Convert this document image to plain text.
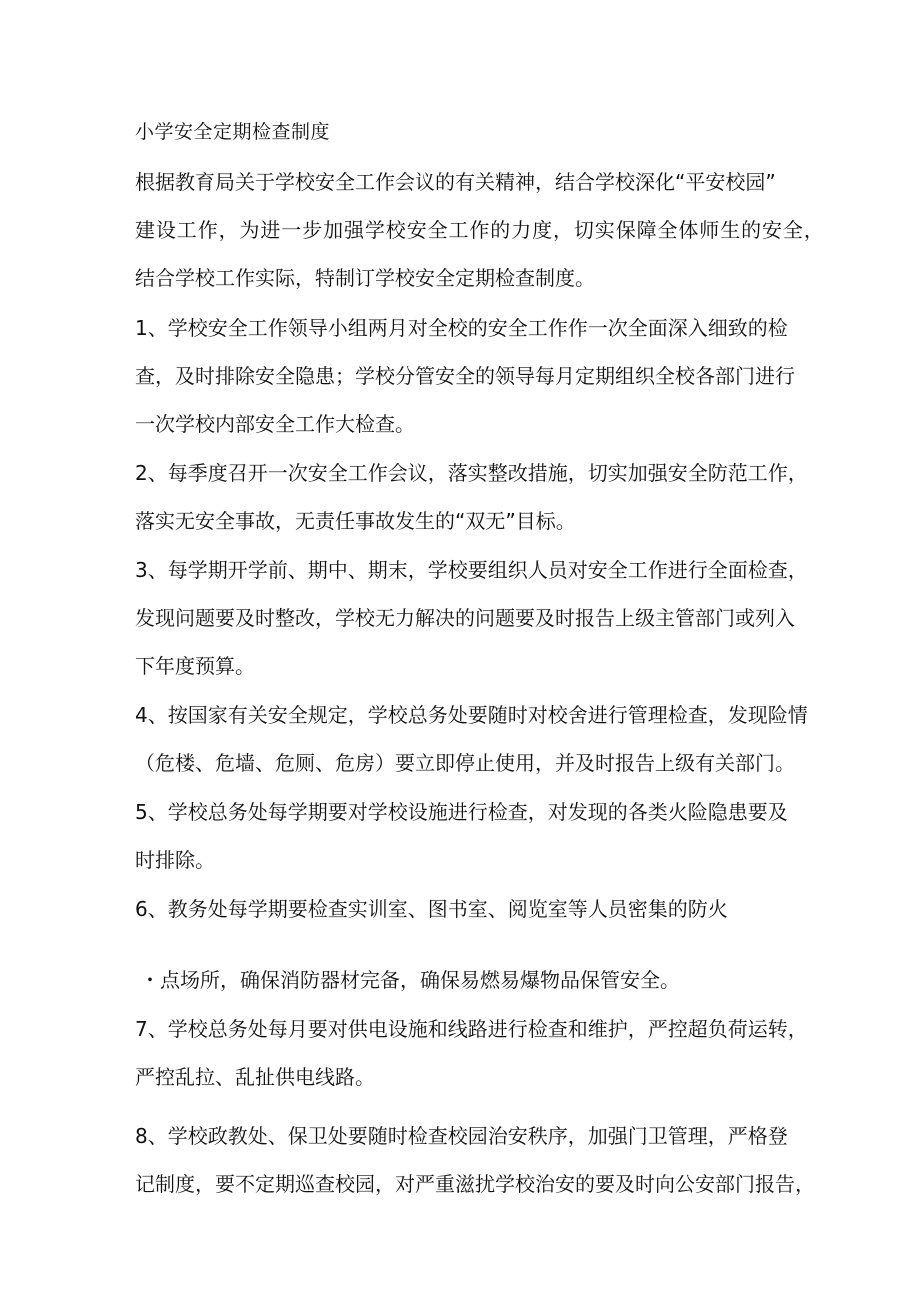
小学安全定期检查制度
根据教育局关于学校安全工作会议的有关精神，结合学校深化“平安校园”
建设工作，为进一步加强学校安全工作的力度，切实保障全体师生的安全，
结合学校工作实际，特制订学校安全定期检查制度。
1、学校安全工作领导小组两月对全校的安全工作作一次全面深入细致的检
查，及时排除安全隐患；学校分管安全的领导每月定期组织全校各部门进行
一次学校内部安全工作大检查。
2、每季度召开一次安全工作会议，落实整改措施，切实加强安全防范工作，
落实无安全事故，无责任事故发生的“双无”目标。
3、每学期开学前、期中、期末，学校要组织人员对安全工作进行全面检查，
发现问题要及时整改，学校无力解决的问题要及时报告上级主管部门或列入
下年度预算。
4、按国家有关安全规定，学校总务处要随时对校舍进行管理检查，发现险情
（危楼、危墙、危厕、危房）要立即停止使用，并及时报告上级有关部门。
5、学校总务处每学期要对学校设施进行检查，对发现的各类火险隐患要及
时排除。
6、教务处每学期要检查实训室、图书室、阅览室等人员密集的防火
・点场所，确保消防器材完备，确保易燃易爆物品保管安全。
7、学校总务处每月要对供电设施和线路进行检查和维护，严控超负荷运转，
严控乱拉、乱扯供电线路。
8、学校政教处、保卫处要随时检查校园治安秩序，加强门卫管理，严格登
记制度，要不定期巡查校园，对严重滋扰学校治安的要及时向公安部门报告，
